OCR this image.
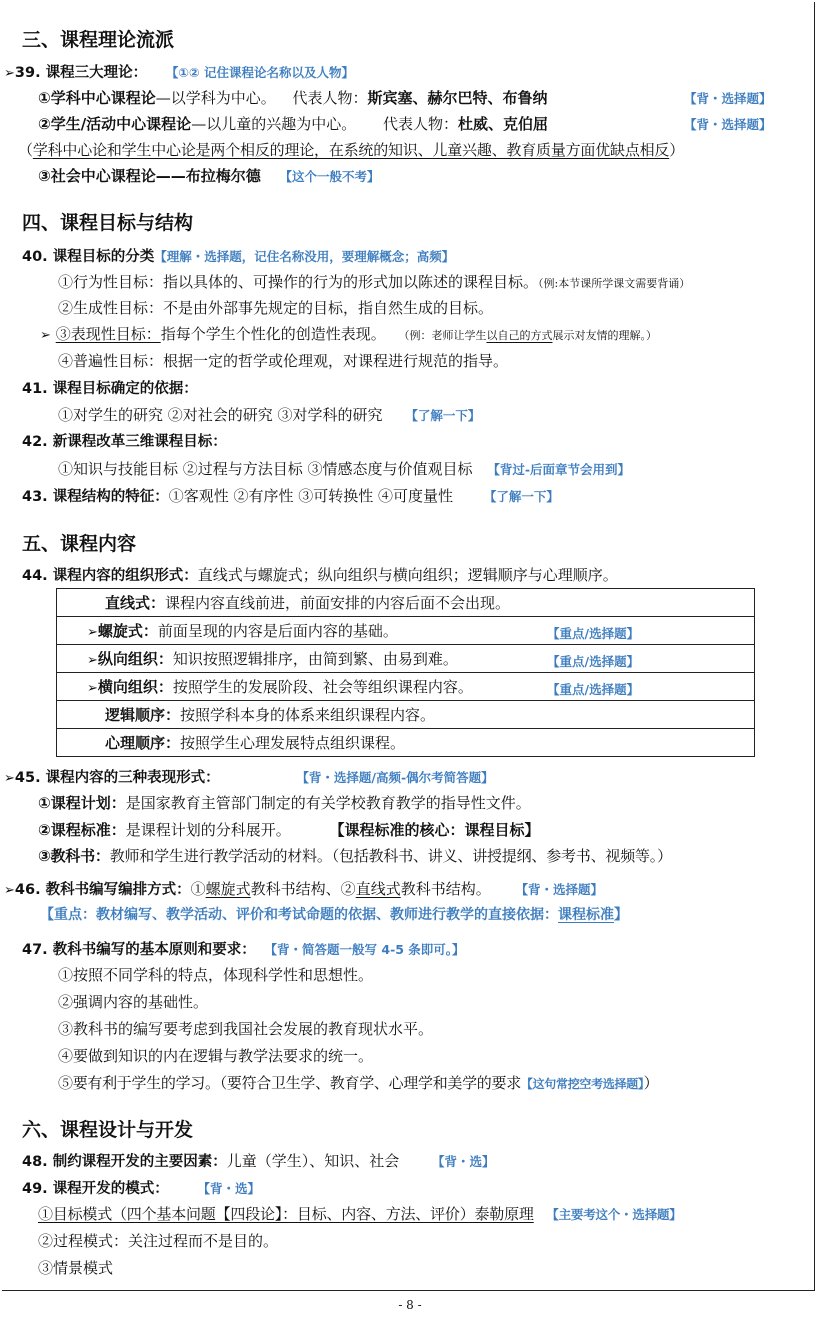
三、课程理论流派
➢39. 课程三大理论： 【①② 记住课程论名称以及人物】
①学科中心课程论—以学科为中心。 代表人物：斯宾塞、赫尔巴特、布鲁纳	【背・选择题】
②学生/活动中心课程论—以儿童的兴趣为中心。 代表人物：杜威、克伯屈	【背・选择题】
（学科中心论和学生中心论是两个相反的理论，在系统的知识、儿童兴趣、教育质量方面优缺点相反）
③社会中心课程论——布拉梅尔德 【这个一般不考】
四、课程目标与结构
40. 课程目标的分类【理解・选择题，记住名称没用，要理解概念；高频】
①行为性目标：指以具体的、可操作的行为的形式加以陈述的课程目标。（例:本节课所学课文需要背诵）
②生成性目标：不是由外部事先规定的目标，指自然生成的目标。
➢ ③表现性目标：指每个学生个性化的创造性表现。 （例：老师让学生以自己的方式展示对友情的理解。）
④普遍性目标：根据一定的哲学或伦理观，对课程进行规范的指导。
41. 课程目标确定的依据：
①对学生的研究 ②对社会的研究 ③对学科的研究 【了解一下】
42. 新课程改革三维课程目标：
①知识与技能目标 ②过程与方法目标 ③情感态度与价值观目标 【背过-后面章节会用到】
43. 课程结构的特征：①客观性 ②有序性 ③可转换性 ④可度量性 【了解一下】
五、课程内容
44. 课程内容的组织形式：直线式与螺旋式；纵向组织与横向组织；逻辑顺序与心理顺序。
直线式：课程内容直线前进，前面安排的内容后面不会出现。

➢螺旋式：前面呈现的内容是后面内容的基础。	【重点/选择题】

➢纵向组织：知识按照逻辑排序，由简到繁、由易到难。	【重点/选择题】

➢横向组织：按照学生的发展阶段、社会等组织课程内容。	【重点/选择题】

逻辑顺序：按照学科本身的体系来组织课程内容。

心理顺序：按照学生心理发展特点组织课程。
➢45. 课程内容的三种表现形式：	【背・选择题/高频-偶尔考简答题】
①课程计划：是国家教育主管部门制定的有关学校教育教学的指导性文件。
②课程标准：是课程计划的分科展开。	【课程标准的核心：课程目标】
③教科书：教师和学生进行教学活动的材料。（包括教科书、讲义、讲授提纲、参考书、视频等。）
➢46. 教科书编写编排方式：①螺旋式教科书结构、②直线式教科书结构。 【背・选择题】
【重点：教材编写、教学活动、评价和考试命题的依据、教师进行教学的直接依据：课程标准】
47. 教科书编写的基本原则和要求： 【背・简答题一般写 4-5 条即可。】
①按照不同学科的特点，体现科学性和思想性。
②强调内容的基础性。
③教科书的编写要考虑到我国社会发展的教育现状水平。
④要做到知识的内在逻辑与教学法要求的统一。
⑤要有利于学生的学习。（要符合卫生学、教育学、心理学和美学的要求【这句常挖空考选择题】）
六、课程设计与开发
48. 制约课程开发的主要因素：儿童（学生）、知识、社会	【背・选】
49. 课程开发的模式： 【背・选】
①目标模式（四个基本问题【四段论】：目标、内容、方法、评价）泰勒原理 【主要考这个・选择题】
②过程模式：关注过程而不是目的。
③情景模式
- 8 -
